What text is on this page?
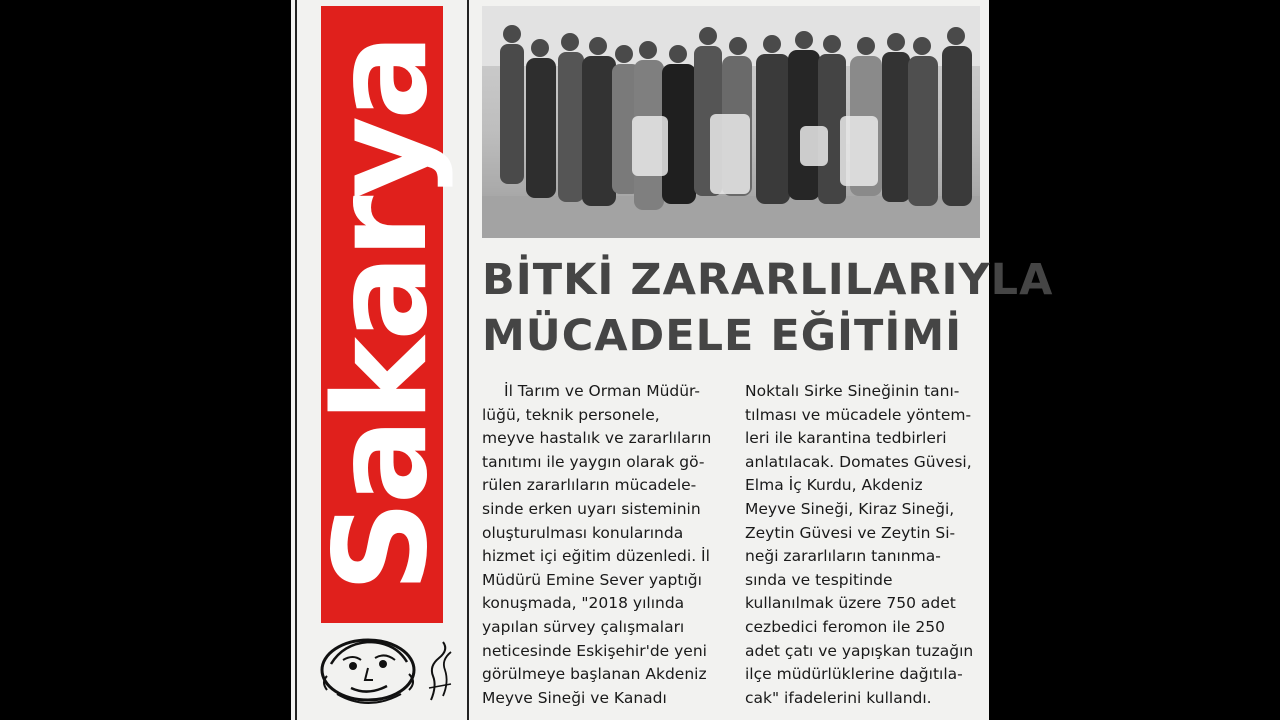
Sakarya BİTKİ ZARARLILARIYLA
MÜCADELE EĞİTİMİ
İl Tarım ve Orman Müdür-
lüğü, teknik personele,
meyve hastalık ve zararlıların
tanıtımı ile yaygın olarak gö-
rülen zararlıların mücadele-
sinde erken uyarı sisteminin
oluşturulması konularında
hizmet içi eğitim düzenledi. İl
Müdürü Emine Sever yaptığı
konuşmada, "2018 yılında
yapılan sürvey çalışmaları
neticesinde Eskişehir'de yeni
görülmeye başlanan Akdeniz
Meyve Sineği ve Kanadı
Noktalı Sirke Sineğinin tanı-
tılması ve mücadele yöntem-
leri ile karantina tedbirleri
anlatılacak. Domates Güvesi,
Elma İç Kurdu, Akdeniz
Meyve Sineği, Kiraz Sineği,
Zeytin Güvesi ve Zeytin Si-
neği zararlıların tanınma-
sında ve tespitinde
kullanılmak üzere 750 adet
cezbedici feromon ile 250
adet çatı ve yapışkan tuzağın
ilçe müdürlüklerine dağıtıla-
cak" ifadelerini kullandı.
